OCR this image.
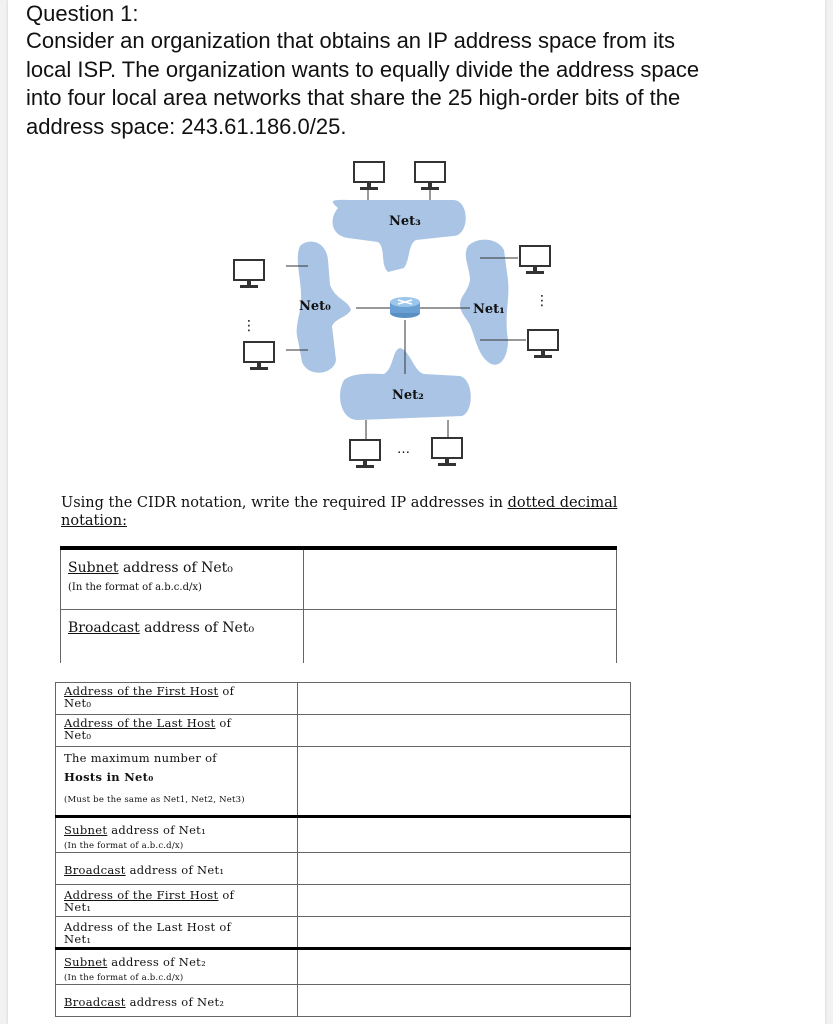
Question 1:
Consider an organization that obtains an IP address space from its
local ISP. The organization wants to equally divide the address space
into four local area networks that share the 25 high-order bits of the
address space: 243.61.186.0/25.
Net₃
Net₀	Net₁
Net₂
⋮
⋮
…
Using the CIDR notation, write the required IP addresses in dotted decimal
notation:
Subnet address of Net₀
(In the format of a.b.c.d/x)	

Broadcast address of Net₀	
Address of the First Host of
Net₀	
Address of the Last Host of
Net₀	
The maximum number of
Hosts in Net₀
(Must be the same as Net1, Net2, Net3)	

Subnet address of Net₁
(In the format of a.b.c.d/x)	

Broadcast address of Net₁	
Address of the First Host of
Net₁	
Address of the Last Host of
Net₁	
Subnet address of Net₂
(In the format of a.b.c.d/x)	

Broadcast address of Net₂	
